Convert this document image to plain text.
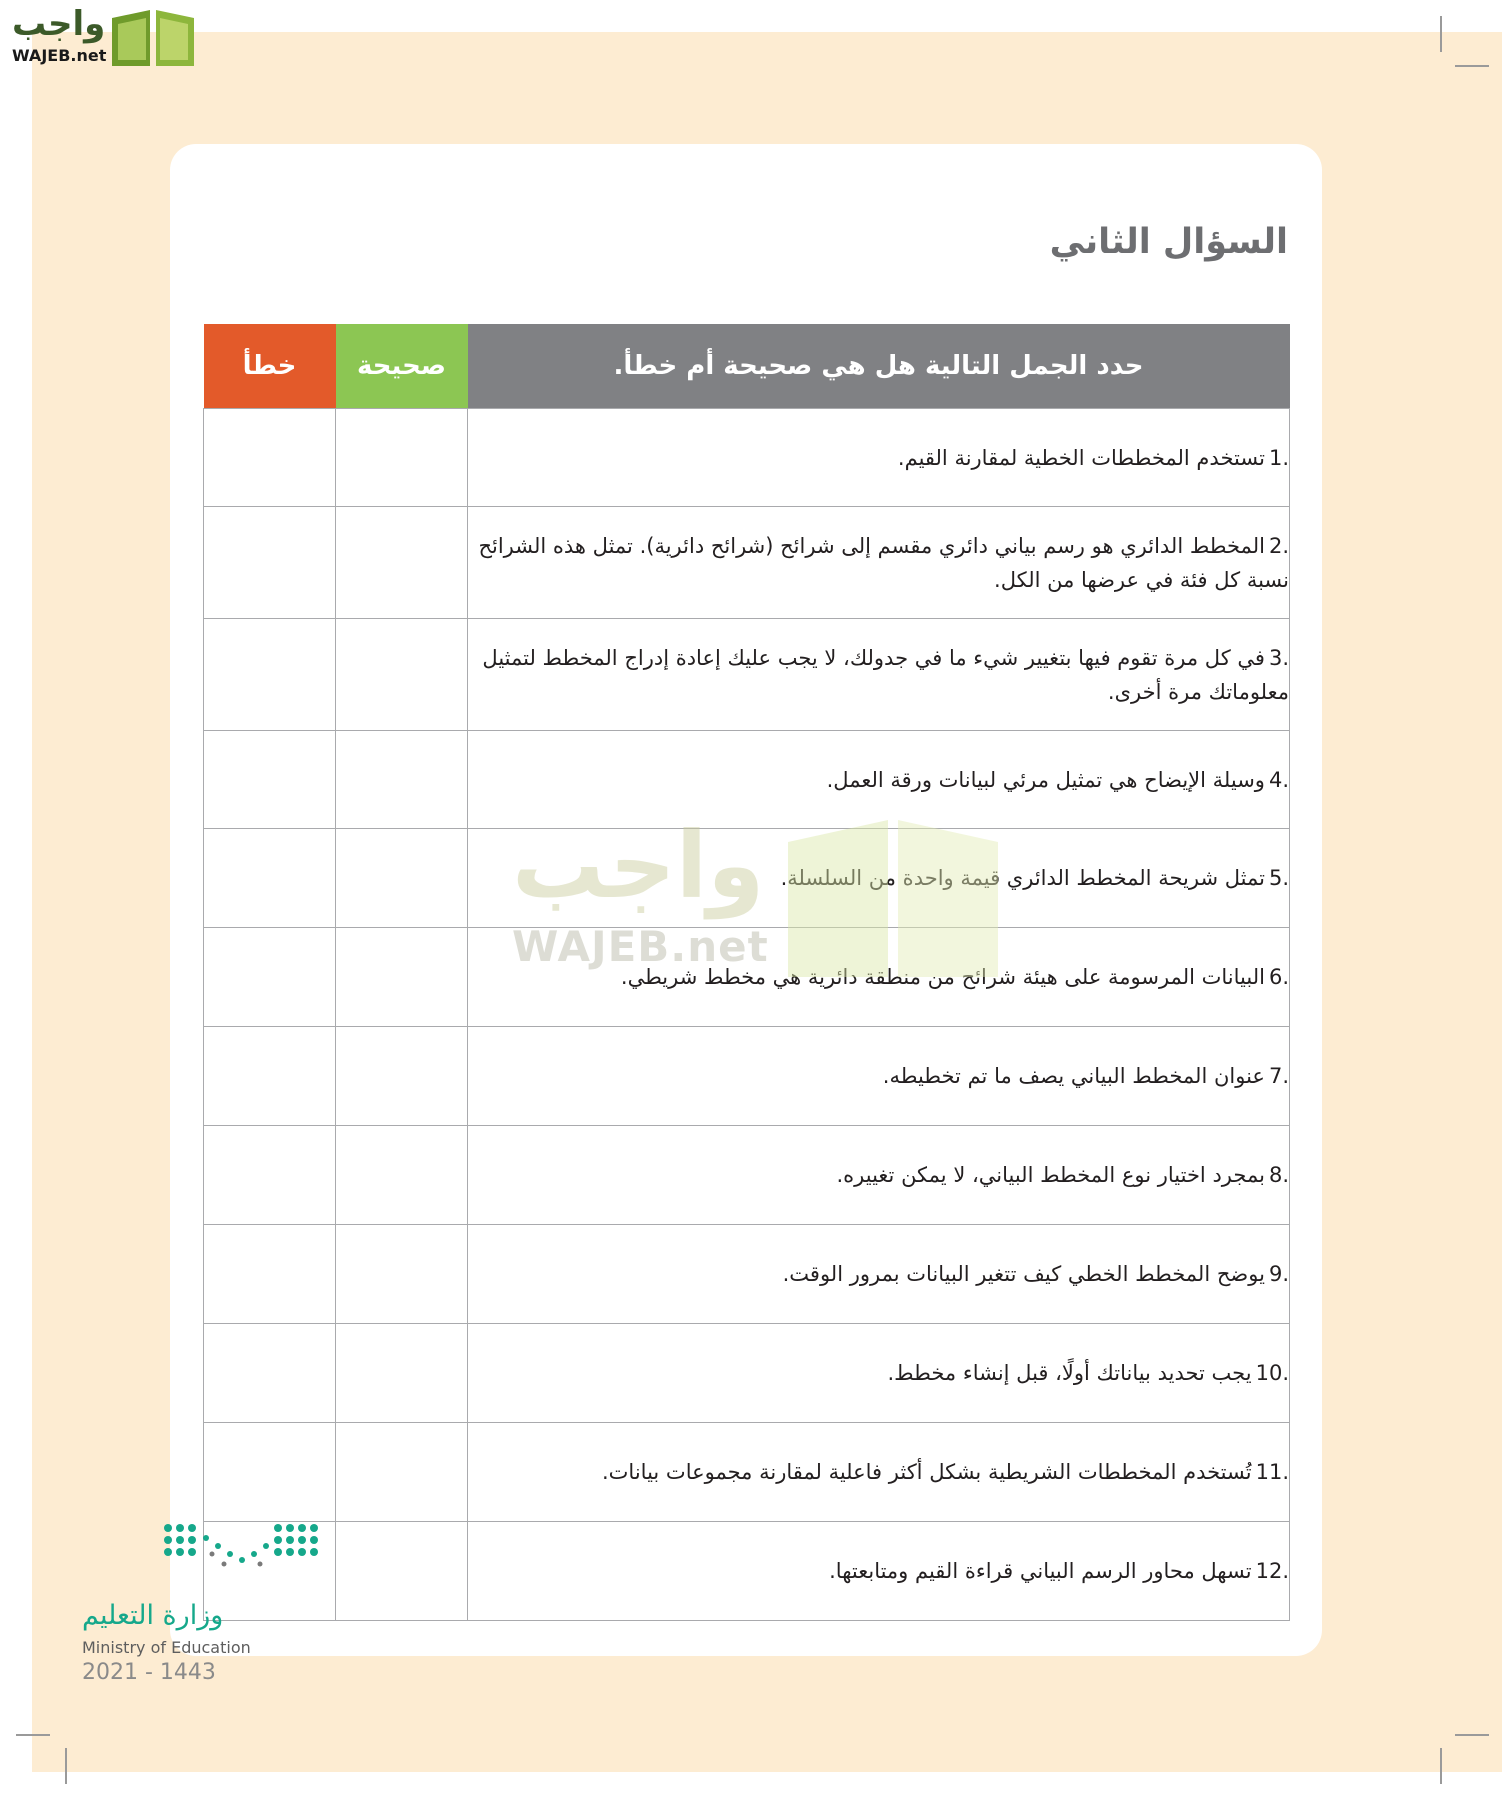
واجب
WAJEB.net
السؤال الثاني
حدد الجمل التالية هل هي صحيحة أم خطأ.	صحيحة	خطأ
.1تستخدم المخططات الخطية لمقارنة القيم.	

.2المخطط الدائري هو رسم بياني دائري مقسم إلى شرائح (شرائح دائرية). تمثل هذه الشرائح نسبة كل فئة في عرضها من الكل.	

.3في كل مرة تقوم فيها بتغيير شيء ما في جدولك، لا يجب عليك إعادة إدراج المخطط لتمثيل معلوماتك مرة أخرى.	

.4وسيلة الإيضاح هي تمثيل مرئي لبيانات ورقة العمل.	

.5تمثل شريحة المخطط الدائري قيمة واحدة من السلسلة.	

.6البيانات المرسومة على هيئة شرائح من منطقة دائرية هي مخطط شريطي.	

.7عنوان المخطط البياني يصف ما تم تخطيطه.	

.8بمجرد اختيار نوع المخطط البياني، لا يمكن تغييره.	

.9يوضح المخطط الخطي كيف تتغير البيانات بمرور الوقت.	

.10يجب تحديد بياناتك أولًا، قبل إنشاء مخطط.	

.11تُستخدم المخططات الشريطية بشكل أكثر فاعلية لمقارنة مجموعات بيانات.	

.12تسهل محاور الرسم البياني قراءة القيم ومتابعتها.	

واجب
WAJEB.net
وزارة التعليم
Ministry of Education
2021 - 1443
